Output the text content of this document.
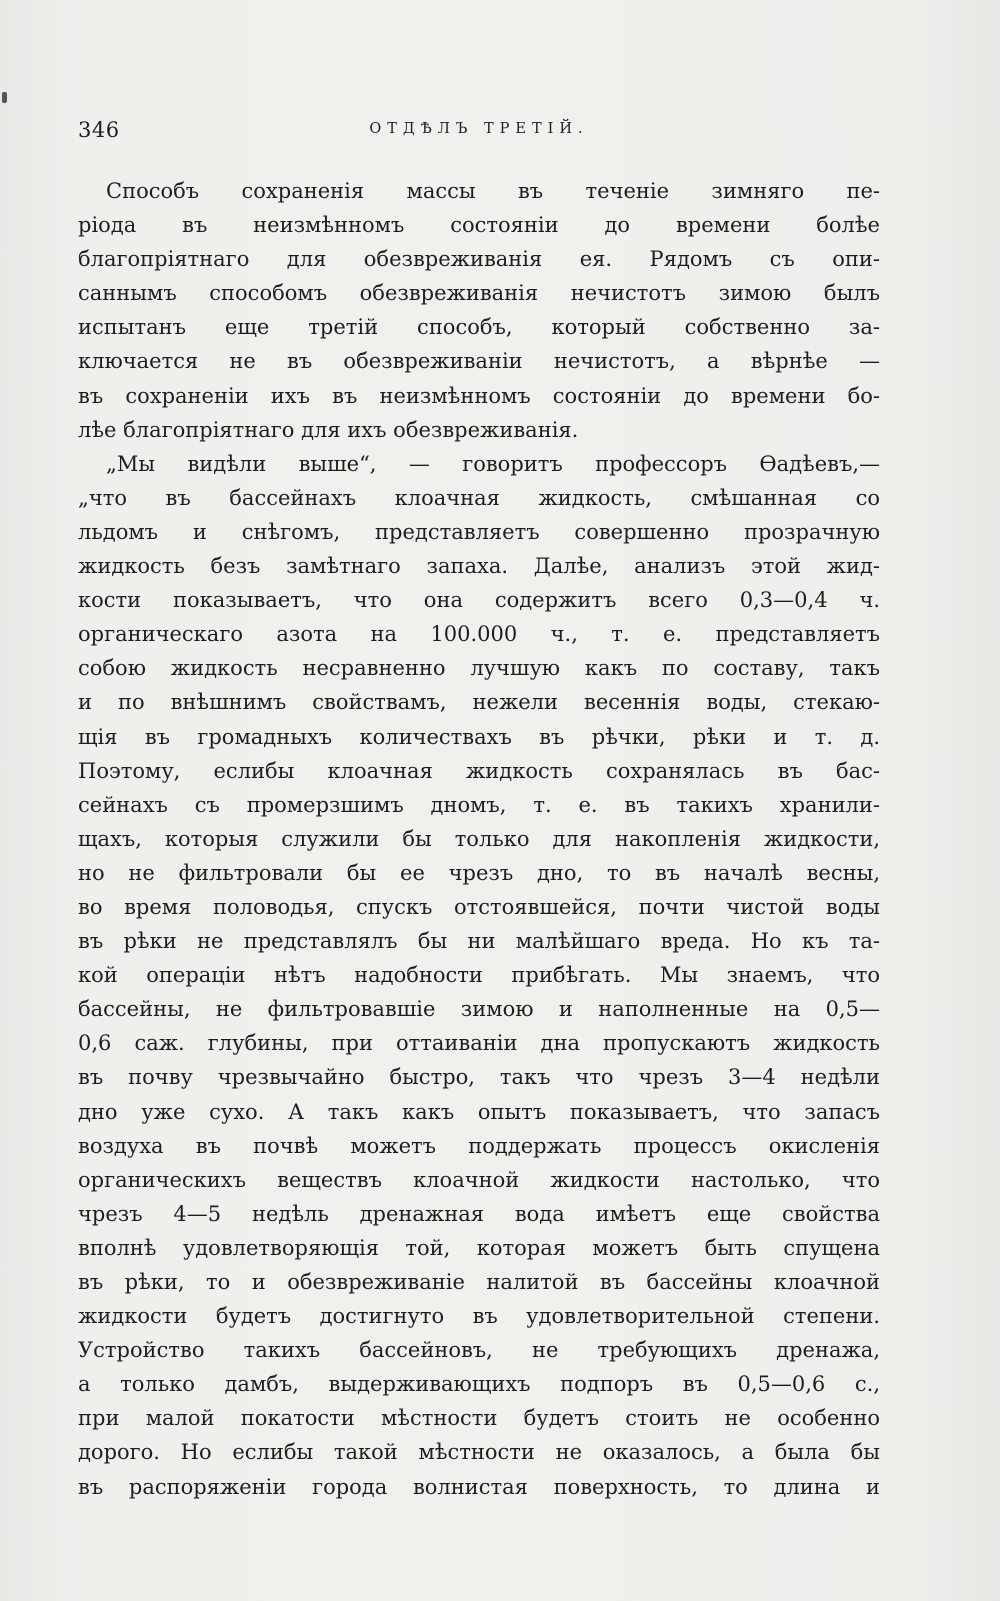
346	ОТДѢЛЪ ТРЕТІЙ.
Способъ сохраненія массы въ теченіе зимняго пе-
ріода въ неизмѣнномъ состояніи до времени болѣе
благопріятнаго для обезвреживанія ея. Рядомъ съ опи-
саннымъ способомъ обезвреживанія нечистотъ зимою былъ
испытанъ еще третій способъ, который собственно за-
ключается не въ обезвреживаніи нечистотъ, а вѣрнѣе —
въ сохраненіи ихъ въ неизмѣнномъ состояніи до времени бо-
лѣе благопріятнаго для ихъ обезвреживанія.
„Мы видѣли выше“, — говоритъ профессоръ Ѳадѣевъ,—
„что въ бассейнахъ клоачная жидкость, смѣшанная со
льдомъ и снѣгомъ, представляетъ совершенно прозрачную
жидкость безъ замѣтнаго запаха. Далѣе, анализъ этой жид-
кости показываетъ, что она содержитъ всего 0,3—0,4 ч.
органическаго азота на 100.000 ч., т. е. представляетъ
собою жидкость несравненно лучшую какъ по составу, такъ
и по внѣшнимъ свойствамъ, нежели весеннія воды, стекаю-
щія въ громадныхъ количествахъ въ рѣчки, рѣки и т. д.
Поэтому, еслибы клоачная жидкость сохранялась въ бас-
сейнахъ съ промерзшимъ дномъ, т. е. въ такихъ хранили-
щахъ, которыя служили бы только для накопленія жидкости,
но не фильтровали бы ее чрезъ дно, то въ началѣ весны,
во время половодья, спускъ отстоявшейся, почти чистой воды
въ рѣки не представлялъ бы ни малѣйшаго вреда. Но къ та-
кой операціи нѣтъ надобности прибѣгать. Мы знаемъ, что
бассейны, не фильтровавшіе зимою и наполненные на 0,5—
0,6 саж. глубины, при оттаиваніи дна пропускаютъ жидкость
въ почву чрезвычайно быстро, такъ что чрезъ 3—4 недѣли
дно уже сухо. А такъ какъ опытъ показываетъ, что запасъ
воздуха въ почвѣ можетъ поддержать процессъ окисленія
органическихъ веществъ клоачной жидкости настолько, что
чрезъ 4—5 недѣль дренажная вода имѣетъ еще свойства
вполнѣ удовлетворяющія той, которая можетъ быть спущена
въ рѣки, то и обезвреживаніе налитой въ бассейны клоачной
жидкости будетъ достигнуто въ удовлетворительной степени.
Устройство такихъ бассейновъ, не требующихъ дренажа,
а только дамбъ, выдерживающихъ подпоръ въ 0,5—0,6 с.,
при малой покатости мѣстности будетъ стоить не особенно
дорого. Но еслибы такой мѣстности не оказалось, а была бы
въ распоряженіи города волнистая поверхность, то длина и
